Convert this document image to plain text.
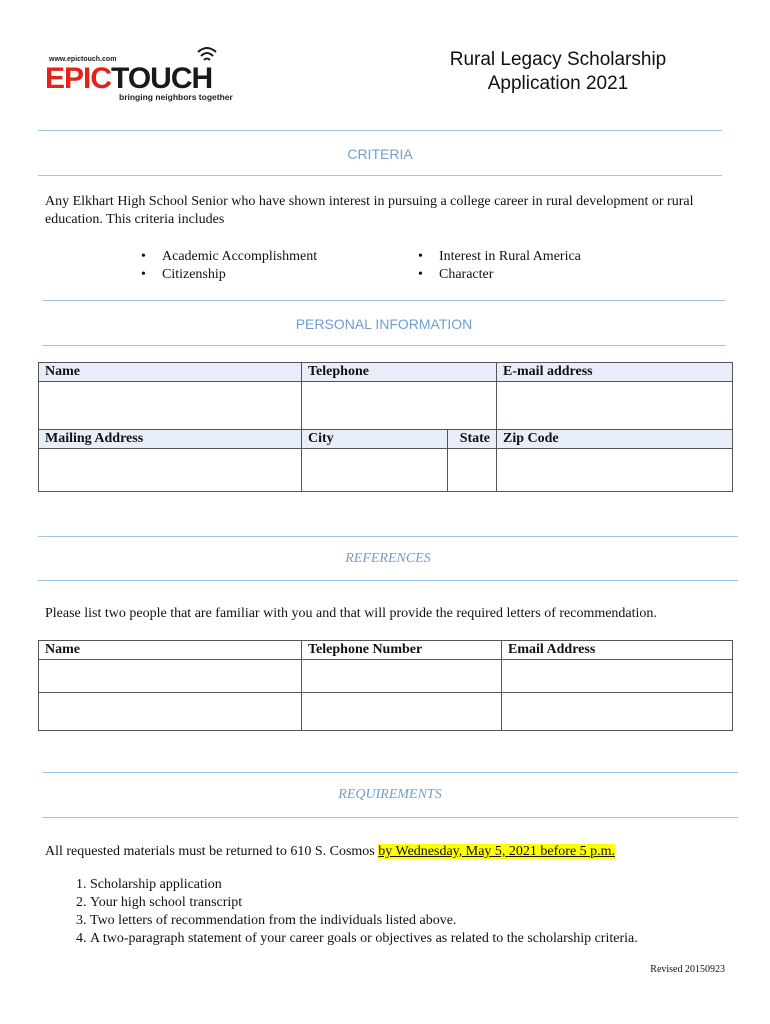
www.epictouch.com
EPICTOUCH
bringing neighbors together
Rural Legacy Scholarship
Application 2021
CRITERIA
Any Elkhart High School Senior who have shown interest in pursuing a college career in rural development or rural education. This criteria includes
• Academic Accomplishment
• Citizenship
• Interest in Rural America
• Character
PERSONAL INFORMATION
Name	Telephone		E-mail address

Mailing Address	City	State	Zip Code

REFERENCES
Please list two people that are familiar with you and that will provide the required letters of recommendation.
Name	Telephone Number	Email Address

REQUIREMENTS
All requested materials must be returned to 610 S. Cosmos by Wednesday, May 5, 2021 before 5 p.m.
1. Scholarship application
2. Your high school transcript
3. Two letters of recommendation from the individuals listed above.
4. A two-paragraph statement of your career goals or objectives as related to the scholarship criteria.
Revised 20150923
